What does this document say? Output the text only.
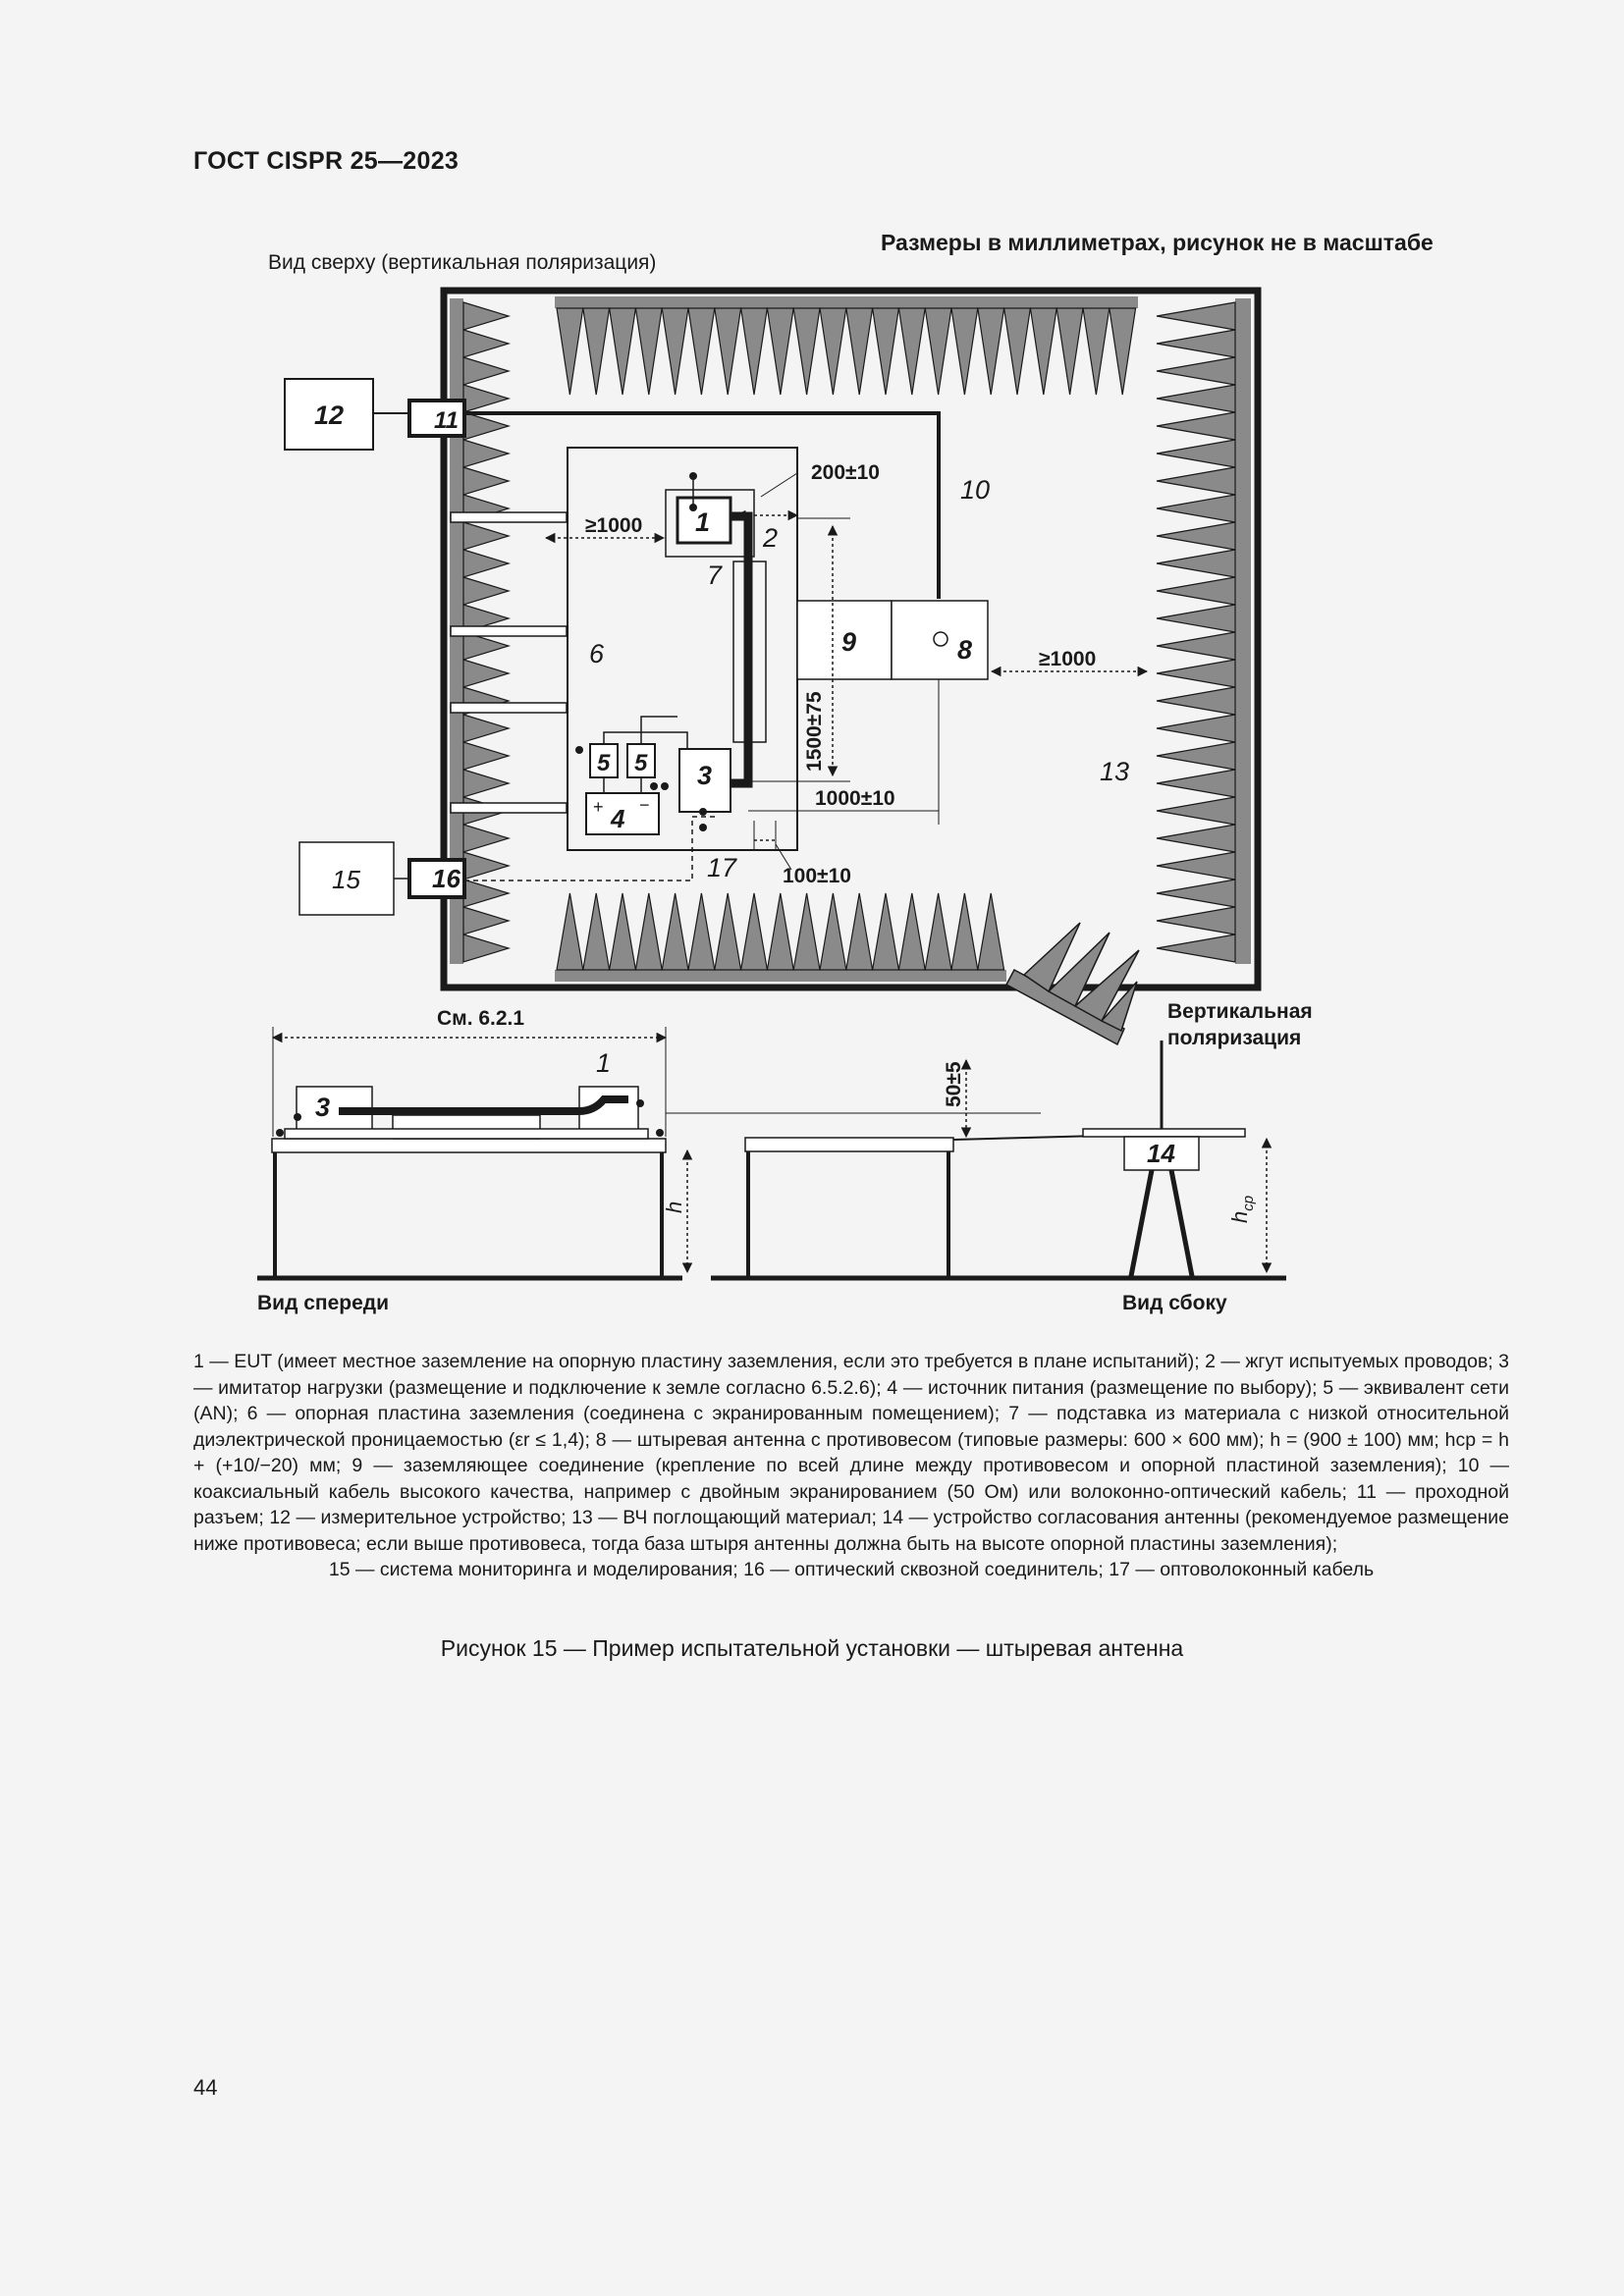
ГОСТ CISPR 25—2023
Вид сверху (вертикальная поляризация)
Размеры в миллиметрах, рисунок не в масштабе
12	11
15	16
1
2
7
6
3
5 5
4
+ −
17
9	8
10
13
200±10
≥1000
≥1000
1500±75
1000±10
100±10
См. 6.2.1
1
3
h
Вид спереди
14
50±5
$h_{ср}$
Вертикальная
поляризация
Вид сбоку

1 — EUT (имеет местное заземление на опорную пластину заземления, если это требуется в плане испытаний); 2 — жгут испытуемых проводов; 3 — имитатор нагрузки (размещение и подключение к земле согласно 6.5.2.6); 4 — источник питания (размещение по выбору); 5 — эквивалент сети (AN); 6 — опорная пластина заземления (соединена с экранированным помещением); 7 — подставка из материала с низкой относительной диэлектрической проницаемостью (εr ≤ 1,4); 8 — штыревая антенна с противовесом (типовые размеры: 600 × 600 мм); h = (900 ± 100) мм; hср = h + (+10/−20) мм; 9 — заземляющее соединение (крепление по всей длине между противовесом и опорной пластиной заземления); 10 — коаксиальный кабель высокого качества, например с двойным экранированием (50 Ом) или волоконно-оптический кабель; 11 — проходной разъем; 12 — измерительное устройство; 13 — ВЧ поглощающий материал; 14 — устройство согласования антенны (рекомендуемое размещение ниже противовеса; если выше противовеса, тогда база штыря антенны должна быть на высоте опорной пластины заземления);

15 — система мониторинга и моделирования; 16 — оптический сквозной соединитель; 17 — оптоволоконный кабель

Рисунок 15 — Пример испытательной установки — штыревая антенна
44
